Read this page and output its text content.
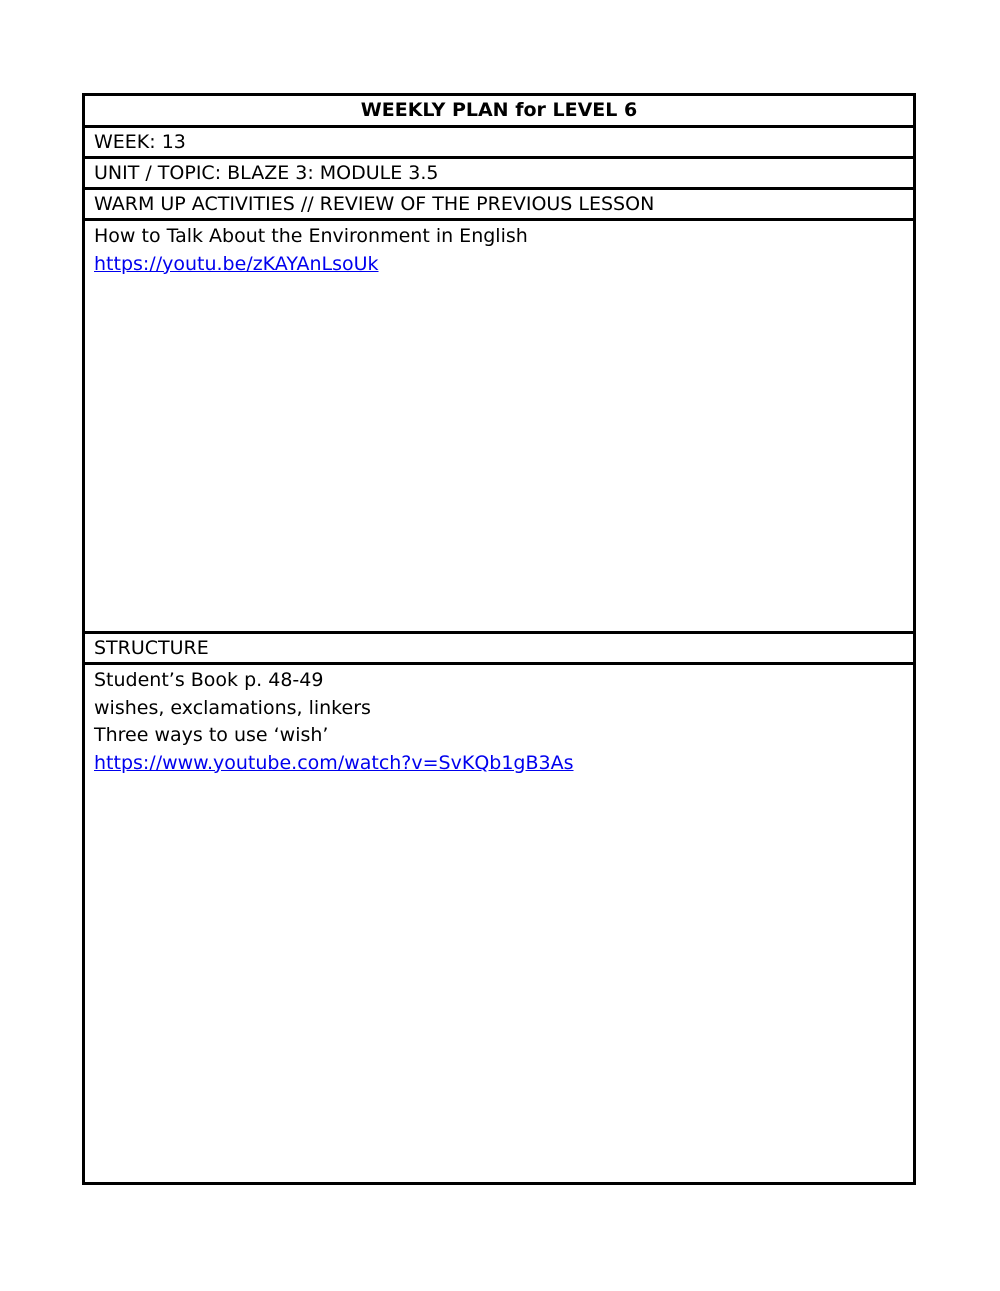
WEEKLY PLAN for LEVEL 6
WEEK: 13
UNIT / TOPIC: BLAZE 3: MODULE 3.5
WARM UP ACTIVITIES // REVIEW OF THE PREVIOUS LESSON
How to Talk About the Environment in English
https://youtu.be/zKAYAnLsoUk
STRUCTURE
Student’s Book p. 48-49
wishes, exclamations, linkers
Three ways to use ‘wish’
https://www.youtube.com/watch?v=SvKQb1gB3As
